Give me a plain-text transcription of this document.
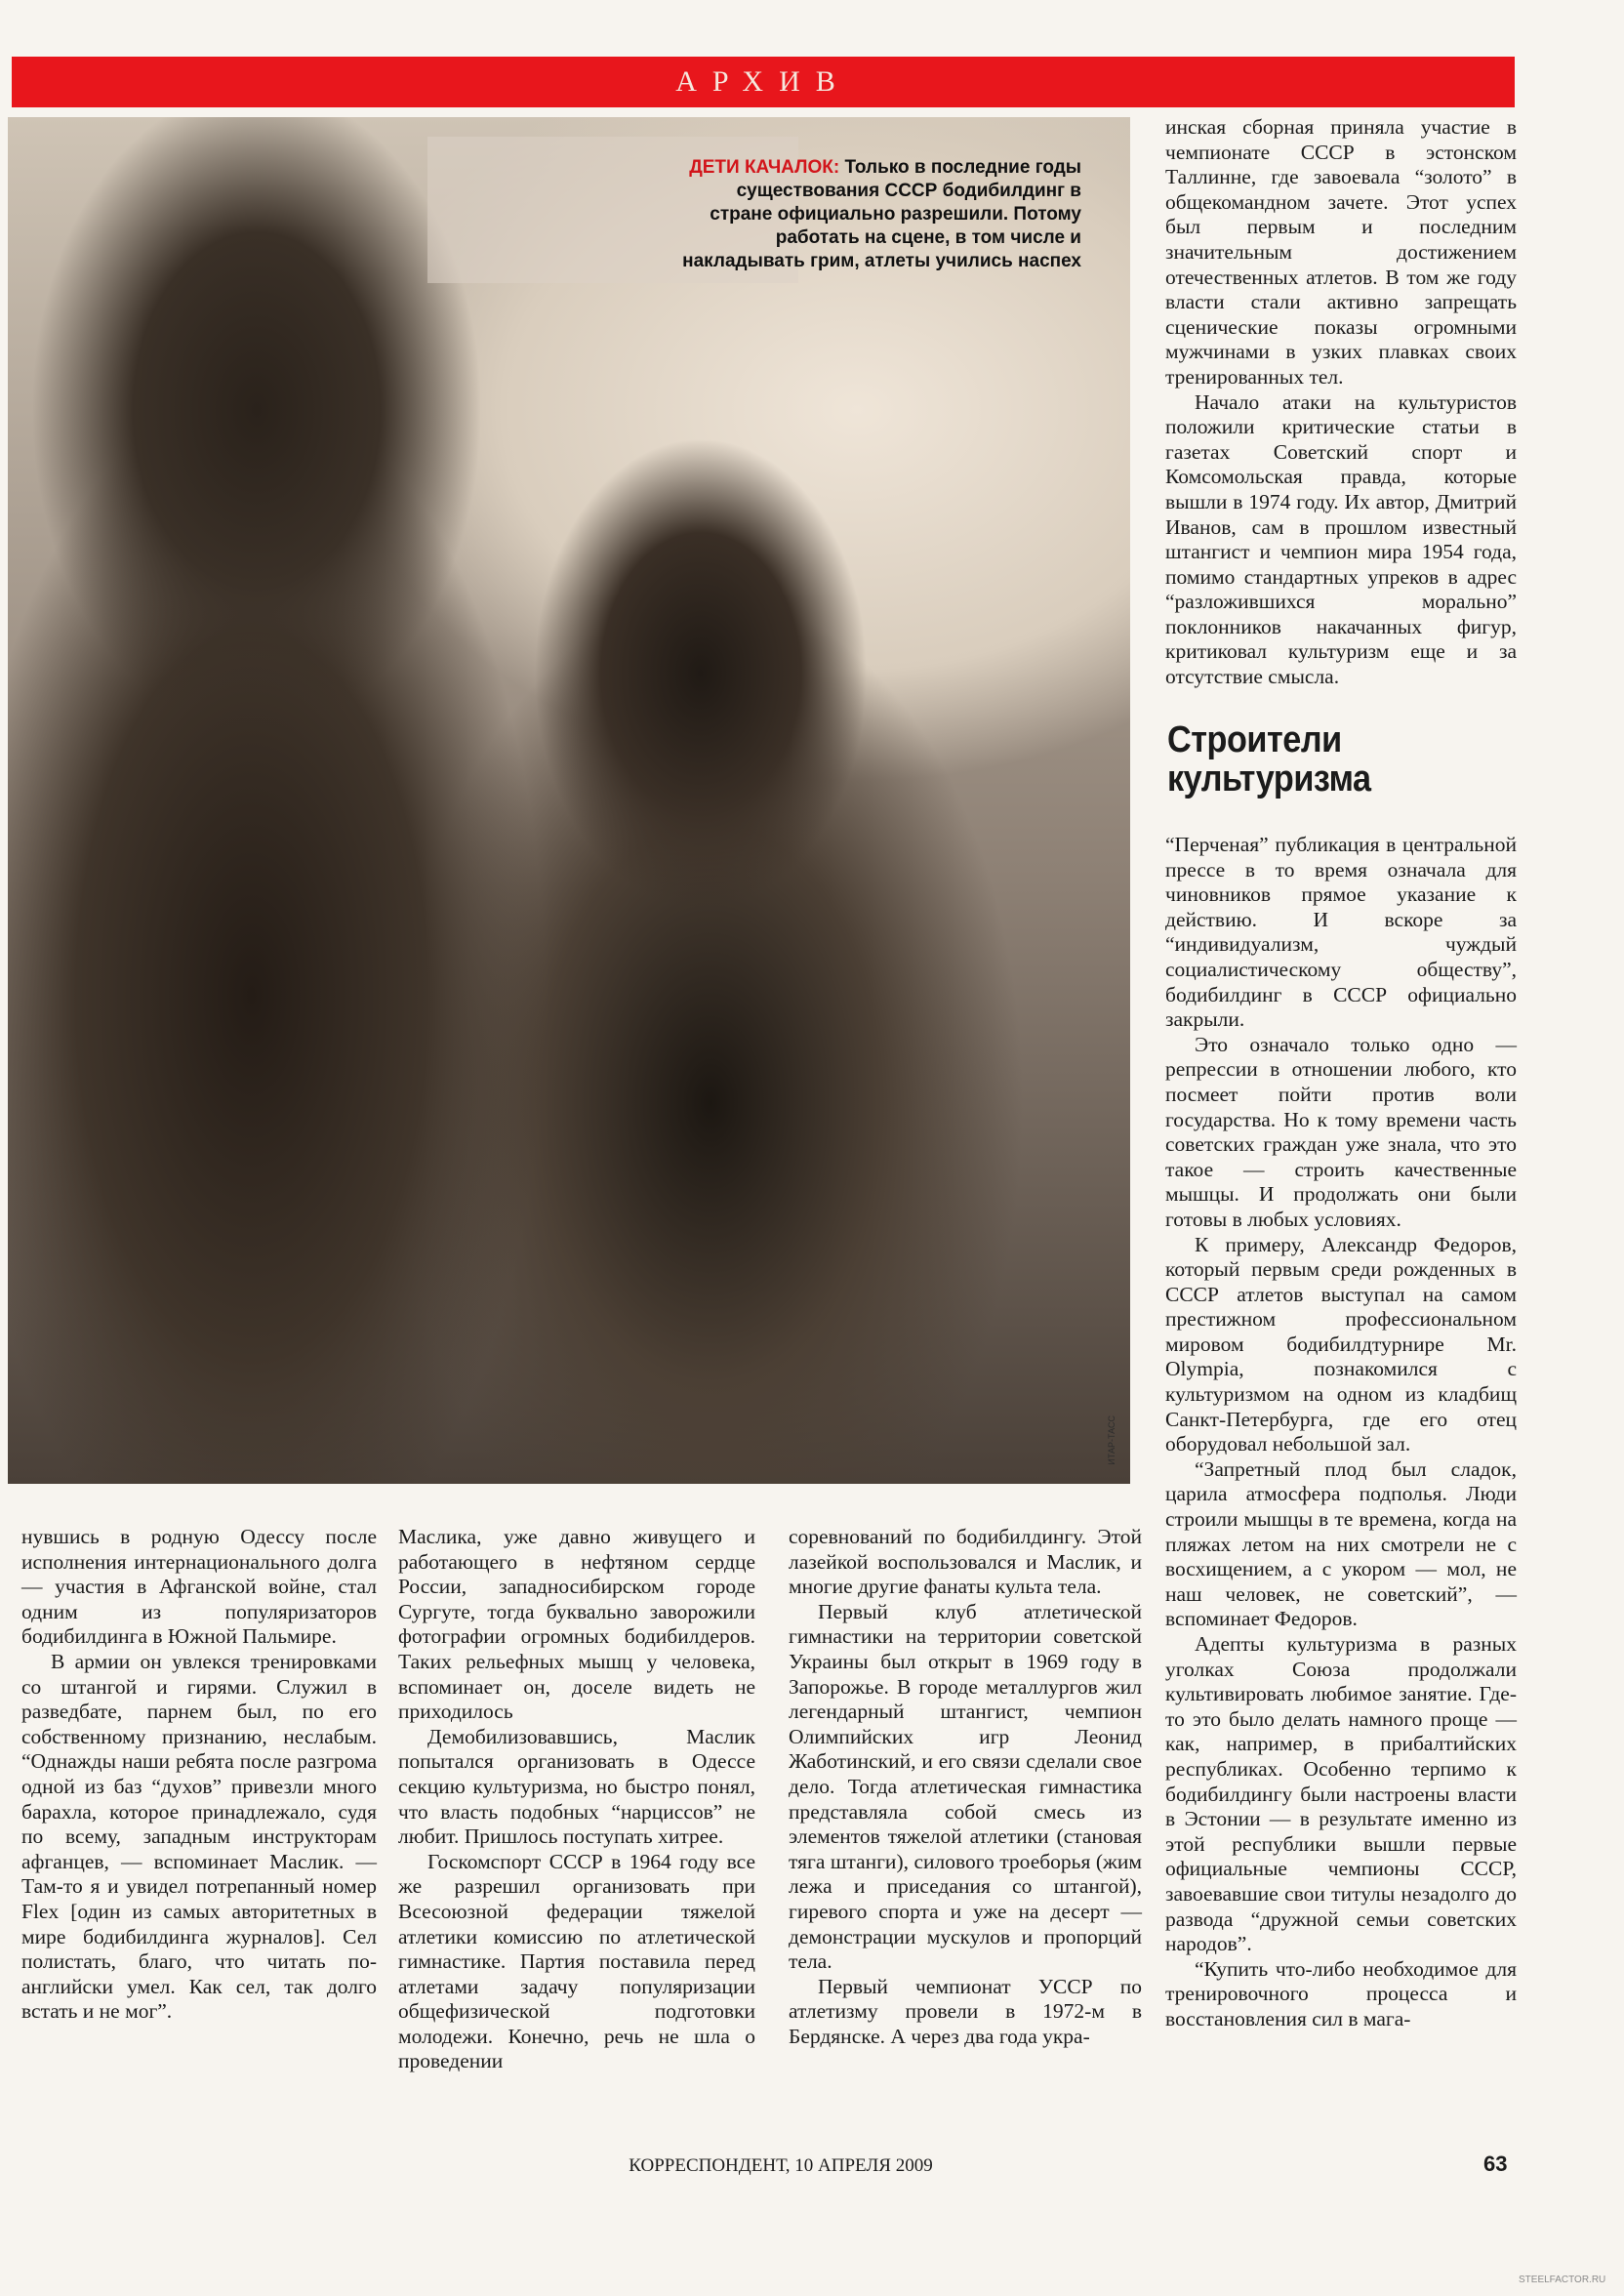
АРХИВ
ДЕТИ КАЧАЛОК: Только в последние годы существования СССР бодибилдинг в стране официально разрешили. Потому работать на сцене, в том числе и накладывать грим, атлеты учились наспех
ИТАР-ТАСС

нувшись в родную Одессу после исполнения интернационального долга — участия в Афганской войне, стал одним из популяризаторов бодибилдинга в Южной Пальмире.

В армии он увлекся тренировками со штангой и гирями. Служил в разведбате, парнем был, по его собственному признанию, неслабым. “Однажды наши ребята после разгрома одной из баз “духов” привезли много барахла, которое принадлежало, судя по всему, западным инструкторам афганцев, — вспоминает Маслик. — Там-то я и увидел потрепанный номер Flex [один из самых авторитетных в мире бодибилдинга журналов]. Сел полистать, благо, что читать по-английски умел. Как сел, так долго встать и не мог”.

Маслика, уже давно живущего и работающего в нефтяном сердце России, западносибирском городе Сургуте, тогда буквально заворожили фотографии огромных бодибилдеров. Таких рельефных мышц у человека, вспоминает он, доселе видеть не приходилось

Демобилизовавшись, Маслик попытался организовать в Одессе секцию культуризма, но быстро понял, что власть подобных “нарциссов” не любит. Пришлось поступать хитрее.

Госкомспорт СССР в 1964 году все же разрешил организовать при Всесоюзной федерации тяжелой атлетики комиссию по атлетической гимнастике. Партия поставила перед атлетами задачу популяризации общефизической подготовки молодежи. Конечно, речь не шла о проведении

соревнований по бодибилдингу. Этой лазейкой воспользовался и Маслик, и многие другие фанаты культа тела.

Первый клуб атлетической гимнастики на территории советской Украины был открыт в 1969 году в Запорожье. В городе металлургов жил легендарный штангист, чемпион Олимпийских игр Леонид Жаботинский, и его связи сделали свое дело. Тогда атлетическая гимнастика представляла собой смесь из элементов тяжелой атлетики (становая тяга штанги), силового троеборья (жим лежа и приседания со штангой), гиревого спорта и уже на десерт — демонстрации мускулов и пропорций тела.

Первый чемпионат УССР по атлетизму провели в 1972-м в Бердянске. А через два года укра-

инская сборная приняла участие в чемпионате СССР в эстонском Таллинне, где завоевала “золото” в общекомандном зачете. Этот успех был первым и последним значительным достижением отечественных атлетов. В том же году власти стали активно запрещать сценические показы огромными мужчинами в узких плавках своих тренированных тел.

Начало атаки на культуристов положили критические статьи в газетах Советский спорт и Комсомольская правда, которые вышли в 1974 году. Их автор, Дмитрий Иванов, сам в прошлом известный штангист и чемпион мира 1954 года, помимо стандартных упреков в адрес “разложившихся морально” поклонников накачанных фигур, критиковал культуризм еще и за отсутствие смысла.

Строители культуризма

“Перченая” публикация в центральной прессе в то время означала для чиновников прямое указание к действию. И вскоре за “индивидуализм, чуждый социалистическому обществу”, бодибилдинг в СССР официально закрыли.

Это означало только одно — репрессии в отношении любого, кто посмеет пойти против воли государства. Но к тому времени часть советских граждан уже знала, что это такое — строить качественные мышцы. И продолжать они были готовы в любых условиях.

К примеру, Александр Федоров, который первым среди рожденных в СССР атлетов выступал на самом престижном профессиональном мировом бодибилдтурнире Mr. Olympia, познакомился с культуризмом на одном из кладбищ Санкт-Петербурга, где его отец оборудовал небольшой зал.

“Запретный плод был сладок, царила атмосфера подполья. Люди строили мышцы в те времена, когда на пляжах летом на них смотрели не с восхищением, а с укором — мол, не наш человек, не советский”, — вспоминает Федоров.

Адепты культуризма в разных уголках Союза продолжали культивировать любимое занятие. Где-то это было делать намного проще — как, например, в прибалтийских республиках. Особенно терпимо к бодибилдингу были настроены власти в Эстонии — в результате именно из этой республики вышли первые официальные чемпионы СССР, завоевавшие свои титулы незадолго до развода “дружной семьи советских народов”.

“Купить что-либо необходимое для тренировочного процесса и восстановления сил в мага-

КОРРЕСПОНДЕНТ, 10 АПРЕЛЯ 2009	63
STEELFACTOR.RU
